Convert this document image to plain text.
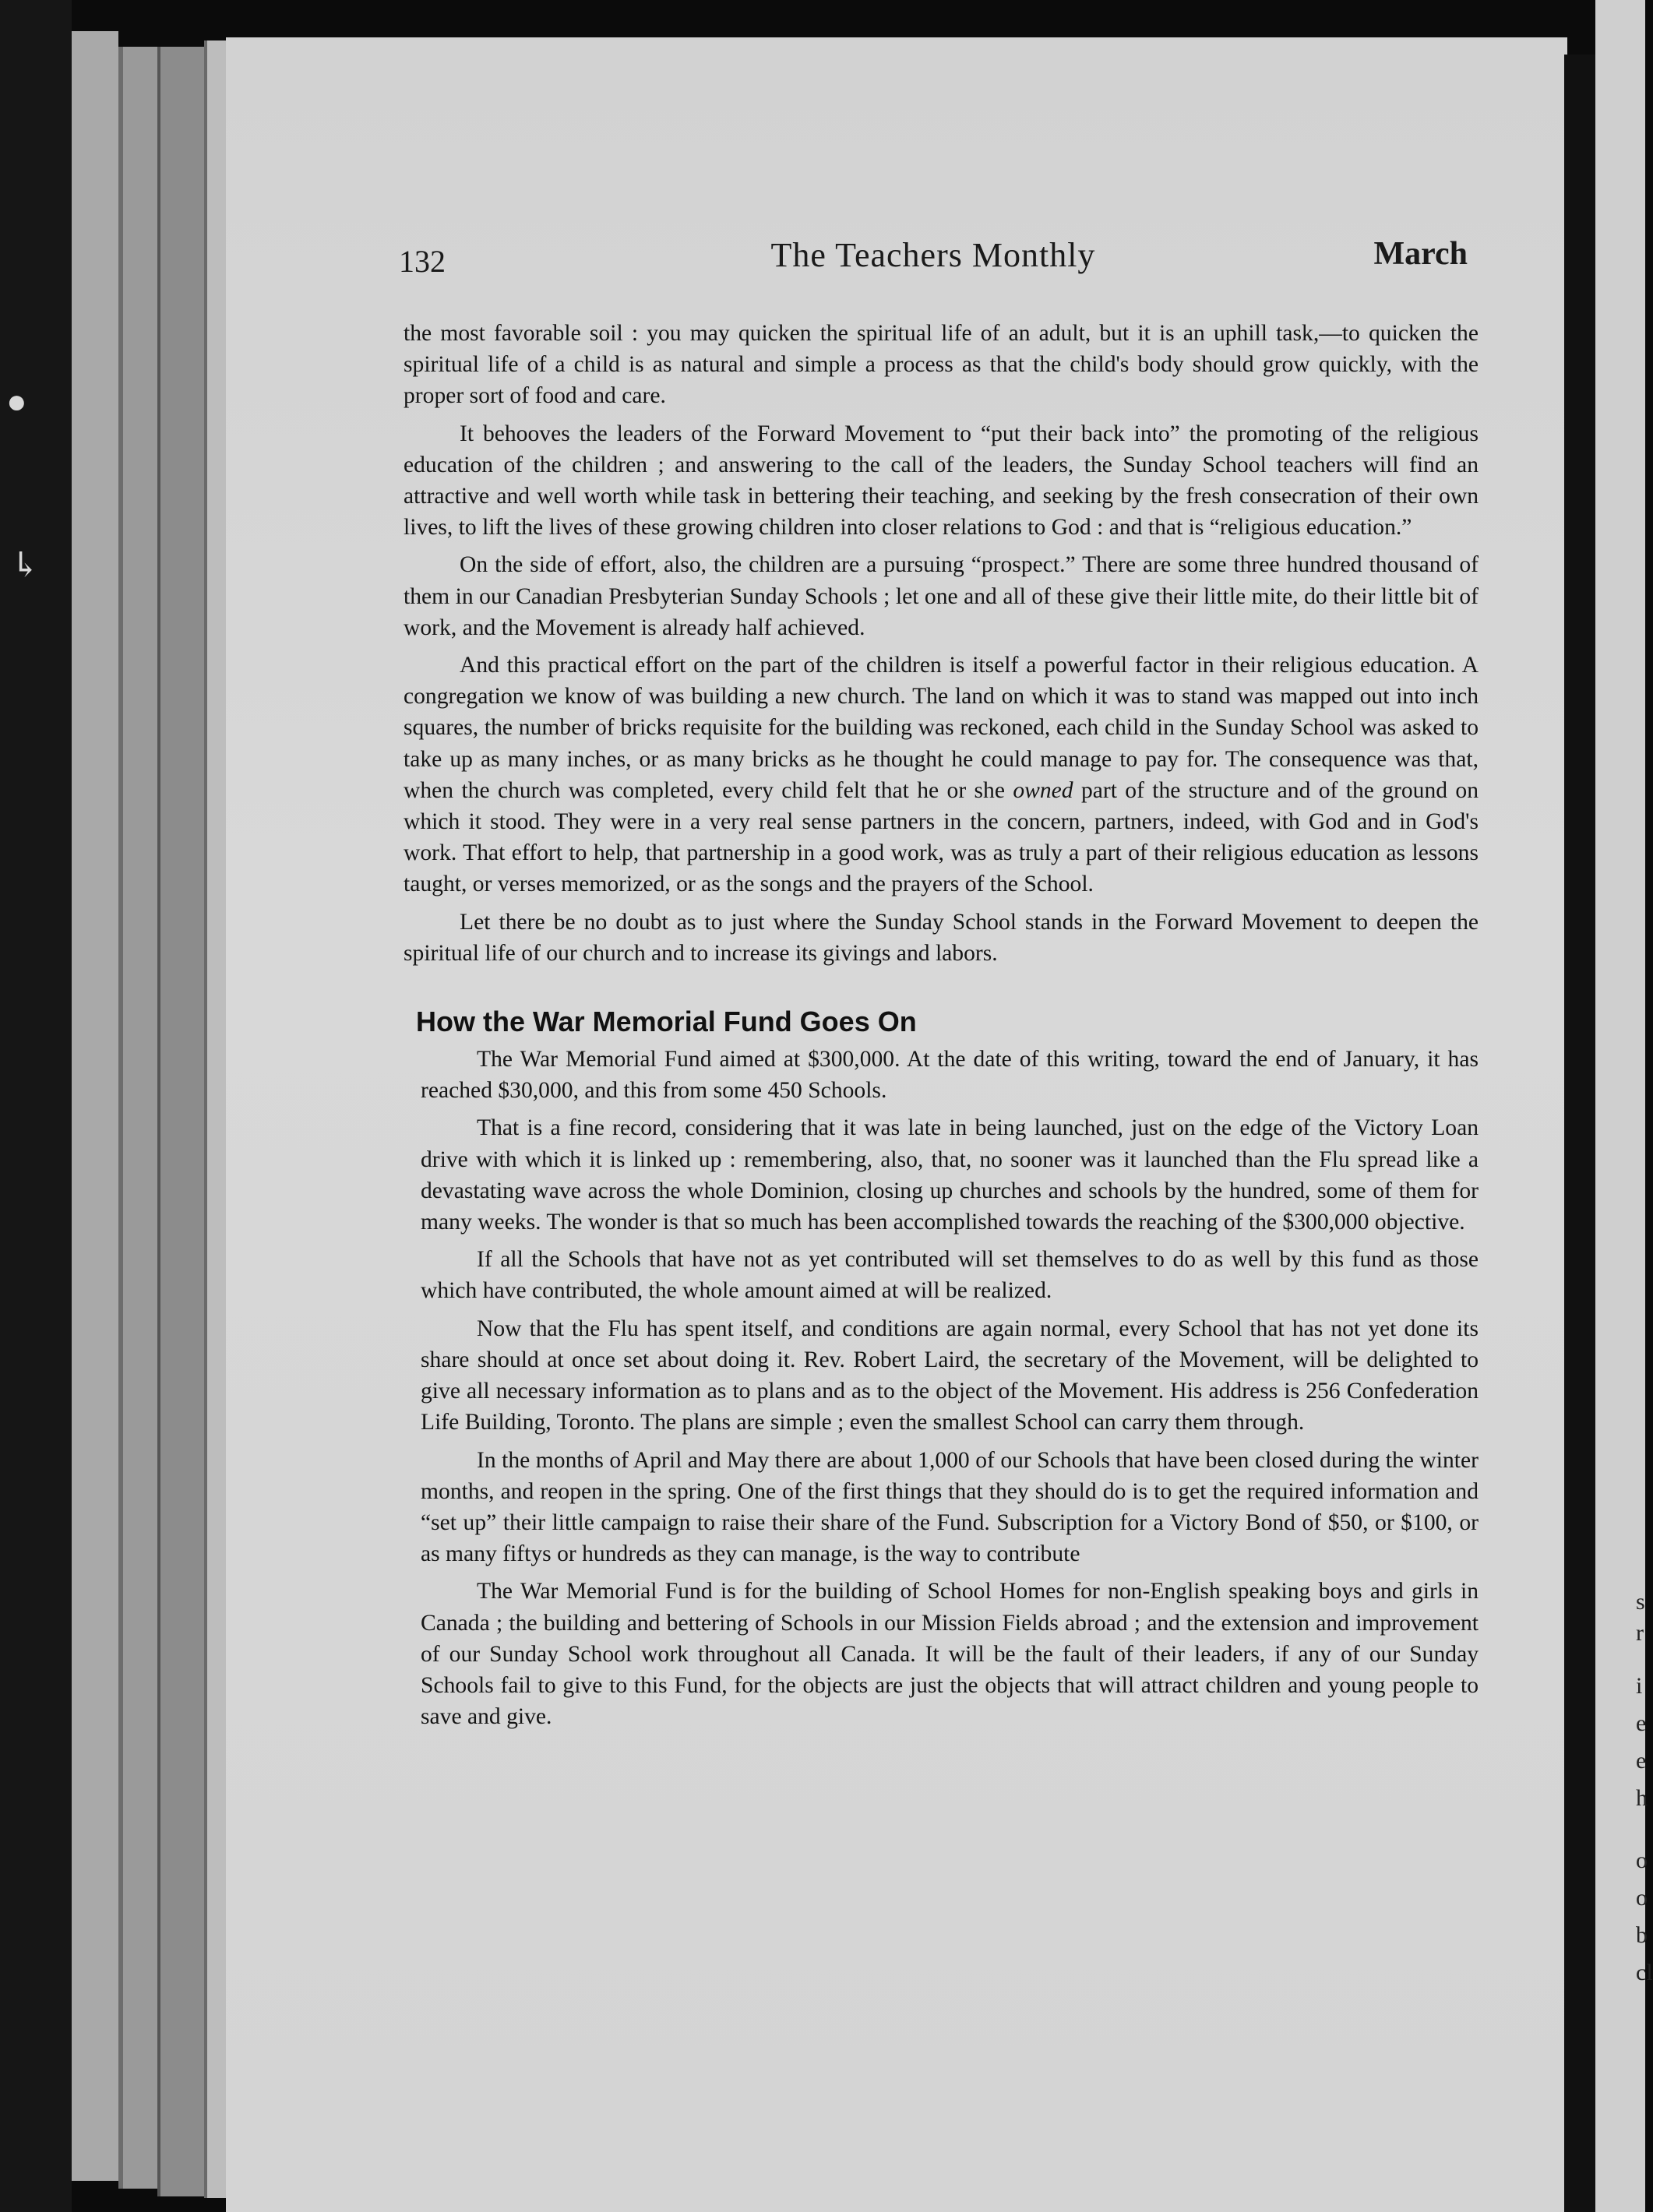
●
↳
132	The Teachers Monthly	March

the most favorable soil : you may quicken the spiritual life of an adult, but it is an uphill task,—to quicken the spiritual life of a child is as natural and simple a process as that the child's body should grow quickly, with the proper sort of food and care.

It behooves the leaders of the Forward Movement to “put their back into” the promoting of the religious education of the children ; and answering to the call of the leaders, the Sunday School teachers will find an attractive and well worth while task in bettering their teaching, and seeking by the fresh consecration of their own lives, to lift the lives of these growing children into closer relations to God : and that is “religious education.”

On the side of effort, also, the children are a pursuing “prospect.” There are some three hundred thousand of them in our Canadian Presbyterian Sunday Schools ; let one and all of these give their little mite, do their little bit of work, and the Movement is already half achieved.

And this practical effort on the part of the children is itself a powerful factor in their religious education. A congregation we know of was building a new church. The land on which it was to stand was mapped out into inch squares, the number of bricks requisite for the building was reckoned, each child in the Sunday School was asked to take up as many inches, or as many bricks as he thought he could manage to pay for. The consequence was that, when the church was completed, every child felt that he or she owned part of the structure and of the ground on which it stood. They were in a very real sense partners in the concern, partners, indeed, with God and in God's work. That effort to help, that partnership in a good work, was as truly a part of their religious education as lessons taught, or verses memorized, or as the songs and the prayers of the School.

Let there be no doubt as to just where the Sunday School stands in the Forward Movement to deepen the spiritual life of our church and to increase its givings and labors.

How the War Memorial Fund Goes On

The War Memorial Fund aimed at $300,000. At the date of this writing, toward the end of January, it has reached $30,000, and this from some 450 Schools.

That is a fine record, considering that it was late in being launched, just on the edge of the Victory Loan drive with which it is linked up : remembering, also, that, no sooner was it launched than the Flu spread like a devastating wave across the whole Dominion, closing up churches and schools by the hundred, some of them for many weeks. The wonder is that so much has been accomplished towards the reaching of the $300,000 objective.

If all the Schools that have not as yet contributed will set themselves to do as well by this fund as those which have contributed, the whole amount aimed at will be realized.

Now that the Flu has spent itself, and conditions are again normal, every School that has not yet done its share should at once set about doing it. Rev. Robert Laird, the secretary of the Movement, will be delighted to give all necessary information as to plans and as to the object of the Movement. His address is 256 Confederation Life Building, Toronto. The plans are simple ; even the smallest School can carry them through.

In the months of April and May there are about 1,000 of our Schools that have been closed during the winter months, and reopen in the spring. One of the first things that they should do is to get the required information and “set up” their little campaign to raise their share of the Fund. Subscription for a Victory Bond of $50, or $100, or as many fiftys or hundreds as they can manage, is the way to contribute

The War Memorial Fund is for the building of School Homes for non-English speaking boys and girls in Canada ; the building and bettering of Schools in our Mission Fields abroad ; and the extension and improvement of our Sunday School work throughout all Canada. It will be the fault of their leaders, if any of our Sunday Schools fail to give to this Fund, for the objects are just the objects that will attract children and young people to save and give.

s
r
i
e
e
h
o
o
b
cl
